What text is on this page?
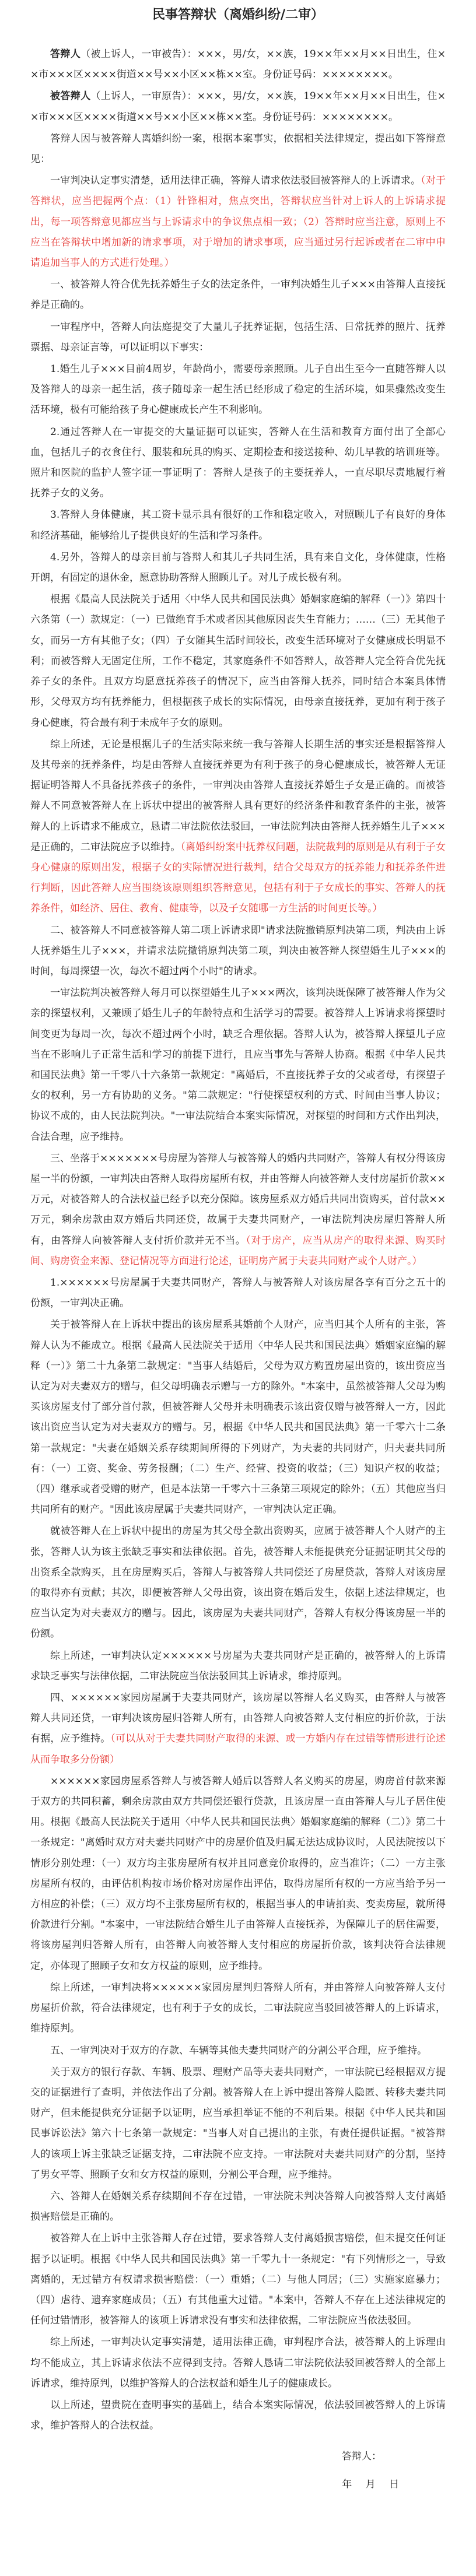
民事答辩状（离婚纠纷/二审）

答辩人（被上诉人，一审被告）：×××，男/女，××族，19××年××月××日出生，住××市×××区××××街道××号××小区××栋××室。身份证号码：××××××××。

被答辩人（上诉人，一审原告）：×××，男/女，××族，19××年××月××日出生，住××市×××区××××街道××号××小区××栋××室。身份证号码：××××××××。

答辩人因与被答辩人离婚纠纷一案，根据本案事实，依据相关法律规定，提出如下答辩意见：

一审判决认定事实清楚，适用法律正确，答辩人请求依法驳回被答辩人的上诉请求。（对于答辩状，应当把握两个点：（1）针锋相对，焦点突出，答辩状应当针对上诉人的上诉请求提出，每一项答辩意见都应当与上诉请求中的争议焦点相一致；（2）答辩时应当注意，原则上不应当在答辩状中增加新的请求事项，对于增加的请求事项，应当通过另行起诉或者在二审中申请追加当事人的方式进行处理。）

一、被答辩人符合优先抚养婚生子女的法定条件，一审判决婚生儿子×××由答辩人直接抚养是正确的。

一审程序中，答辩人向法庭提交了大量儿子抚养证据，包括生活、日常抚养的照片、抚养票据、母亲证言等，可以证明以下事实：

1.婚生儿子×××目前4周岁，年龄尚小，需要母亲照顾。儿子自出生至今一直随答辩人以及答辩人的母亲一起生活，孩子随母亲一起生活已经形成了稳定的生活环境，如果骤然改变生活环境，极有可能给孩子身心健康成长产生不利影响。

2.通过答辩人在一审提交的大量证据可以证实，答辩人在生活和教育方面付出了全部心血，包括儿子的衣食住行、服装和玩具的购买、定期检查和接送接种、幼儿早教的培训班等。照片和医院的监护人签字证一事证明了：答辩人是孩子的主要抚养人，一直尽职尽责地履行着抚养子女的义务。

3.答辩人身体健康，其工资卡显示具有很好的工作和稳定收入，对照顾儿子有良好的身体和经济基础，能够给儿子提供良好的生活和学习条件。

4.另外，答辩人的母亲目前与答辩人和其儿子共同生活，具有来自文化，身体健康，性格开朗，有固定的退休金，愿意协助答辩人照顾儿子。对儿子成长极有利。

根据《最高人民法院关于适用〈中华人民共和国民法典〉婚姻家庭编的解释（一）》第四十六条第（一）款规定：（一）已做绝育手术或者因其他原因丧失生育能力；……（三）无其他子女，而另一方有其他子女；（四）子女随其生活时间较长，改变生活环境对子女健康成长明显不利；而被答辩人无固定住所，工作不稳定，其家庭条件不如答辩人，故答辩人完全符合优先抚养子女的条件。且双方均愿意抚养孩子的情况下，应当由答辩人抚养，同时结合本案具体情形，父母双方均有抚养能力，但根据孩子成长的实际情况，由母亲直接抚养，更加有利于孩子身心健康，符合最有利于未成年子女的原则。

综上所述，无论是根据儿子的生活实际来统一我与答辩人长期生活的事实还是根据答辩人及其母亲的抚养条件，均是由答辩人直接抚养更为有利于孩子的身心健康成长，被答辩人无证据证明答辩人不具备抚养孩子的条件，一审判决由答辩人直接抚养婚生子女是正确的。而被答辩人不同意被答辩人在上诉状中提出的被答辩人具有更好的经济条件和教育条件的主张，被答辩人的上诉请求不能成立，恳请二审法院依法驳回，一审法院判决由答辩人抚养婚生儿子×××是正确的，二审法院应予以维持。（离婚纠纷案中抚养权问题，法院裁判的原则是从有利于子女身心健康的原则出发，根据子女的实际情况进行裁判，结合父母双方的抚养能力和抚养条件进行判断，因此答辩人应当围绕该原则组织答辩意见，包括有利于子女成长的事实、答辩人的抚养条件，如经济、居住、教育、健康等，以及子女随哪一方生活的时间更长等。）

二、被答辩人不同意被答辩人第二项上诉请求即"请求法院撤销原判决第二项，判决由上诉人抚养婚生儿子×××，并请求法院撤销原判决第二项，判决由被答辩人探望婚生儿子×××的时间，每周探望一次，每次不超过两个小时"的请求。

一审法院判决被答辩人每月可以探望婚生儿子×××两次，该判决既保障了被答辩人作为父亲的探望权利，又兼顾了婚生儿子的年龄特点和生活学习的需要。被答辩人上诉请求将探望时间变更为每周一次，每次不超过两个小时，缺乏合理依据。答辩人认为，被答辩人探望儿子应当在不影响儿子正常生活和学习的前提下进行，且应当事先与答辩人协商。根据《中华人民共和国民法典》第一千零八十六条第一款规定："离婚后，不直接抚养子女的父或者母，有探望子女的权利，另一方有协助的义务。"第二款规定："行使探望权利的方式、时间由当事人协议；协议不成的，由人民法院判决。"一审法院结合本案实际情况，对探望的时间和方式作出判决，合法合理，应予维持。

三、坐落于×××××××号房屋为答辩人与被答辩人的婚内共同财产，答辩人有权分得该房屋一半的份额，一审判决由答辩人取得房屋所有权，并由答辩人向被答辩人支付房屋折价款××万元，对被答辩人的合法权益已经予以充分保障。该房屋系双方婚后共同出资购买，首付款××万元，剩余房款由双方婚后共同还贷，故属于夫妻共同财产，一审法院判决房屋归答辩人所有，由答辩人向被答辩人支付折价款并无不当。（对于房产，应当从房产的取得来源、购买时间、购房资金来源、登记情况等方面进行论述，证明房产属于夫妻共同财产或个人财产。）

1.××××××号房屋属于夫妻共同财产，答辩人与被答辩人对该房屋各享有百分之五十的份额，一审判决正确。

关于被答辩人在上诉状中提出的该房屋系其婚前个人财产，应当归其个人所有的主张，答辩人认为不能成立。根据《最高人民法院关于适用〈中华人民共和国民法典〉婚姻家庭编的解释（一）》第二十九条第二款规定："当事人结婚后，父母为双方购置房屋出资的，该出资应当认定为对夫妻双方的赠与，但父母明确表示赠与一方的除外。"本案中，虽然被答辩人父母为购买该房屋支付了部分首付款，但被答辩人父母并未明确表示该出资仅赠与被答辩人一方，因此该出资应当认定为对夫妻双方的赠与。另，根据《中华人民共和国民法典》第一千零六十二条第一款规定："夫妻在婚姻关系存续期间所得的下列财产，为夫妻的共同财产，归夫妻共同所有：（一）工资、奖金、劳务报酬；（二）生产、经营、投资的收益；（三）知识产权的收益；（四）继承或者受赠的财产，但是本法第一千零六十三条第三项规定的除外；（五）其他应当归共同所有的财产。"因此该房屋属于夫妻共同财产，一审判决认定正确。

就被答辩人在上诉状中提出的房屋为其父母全款出资购买，应属于被答辩人个人财产的主张，答辩人认为该主张缺乏事实和法律依据。首先，被答辩人未能提供充分证据证明其父母的出资系全款购买，且在房屋购买后，答辩人与被答辩人共同偿还了房屋贷款，答辩人对该房屋的取得亦有贡献；其次，即便被答辩人父母出资，该出资在婚后发生，依据上述法律规定，也应当认定为对夫妻双方的赠与。因此，该房屋为夫妻共同财产，答辩人有权分得该房屋一半的份额。

综上所述，一审判决认定××××××号房屋为夫妻共同财产是正确的，被答辩人的上诉请求缺乏事实与法律依据，二审法院应当依法驳回其上诉请求，维持原判。

四、××××××家园房屋属于夫妻共同财产，该房屋以答辩人名义购买，由答辩人与被答辩人共同还贷，一审判决该房屋归答辩人所有，由答辩人向被答辩人支付相应的折价款，于法有据，应予维持。（可以从对于夫妻共同财产取得的来源、或一方婚内存在过错等情形进行论述从而争取多分份额）

××××××家园房屋系答辩人与被答辩人婚后以答辩人名义购买的房屋，购房首付款来源于双方的共同积蓄，剩余房款由双方共同偿还银行贷款，且该房屋一直由答辩人与儿子居住使用。根据《最高人民法院关于适用〈中华人民共和国民法典〉婚姻家庭编的解释（二）》第二十一条规定："离婚时双方对夫妻共同财产中的房屋价值及归属无法达成协议时，人民法院按以下情形分别处理：（一）双方均主张房屋所有权并且同意竞价取得的，应当准许；（二）一方主张房屋所有权的，由评估机构按市场价格对房屋作出评估，取得房屋所有权的一方应当给予另一方相应的补偿；（三）双方均不主张房屋所有权的，根据当事人的申请拍卖、变卖房屋，就所得价款进行分割。"本案中，一审法院结合婚生儿子由答辩人直接抚养，为保障儿子的居住需要，将该房屋判归答辩人所有，由答辩人向被答辩人支付相应的房屋折价款，该判决符合法律规定，亦体现了照顾子女和女方权益的原则，应予维持。

综上所述，一审判决将××××××家园房屋判归答辩人所有，并由答辩人向被答辩人支付房屋折价款，符合法律规定，也有利于子女的成长，二审法院应当驳回被答辩人的上诉请求，维持原判。

五、一审判决对于双方的存款、车辆等其他夫妻共同财产的分割公平合理，应予维持。

关于双方的银行存款、车辆、股票、理财产品等夫妻共同财产，一审法院已经根据双方提交的证据进行了查明，并依法作出了分割。被答辩人在上诉中提出答辩人隐匿、转移夫妻共同财产，但未能提供充分证据予以证明，应当承担举证不能的不利后果。根据《中华人民共和国民事诉讼法》第六十七条第一款规定："当事人对自己提出的主张，有责任提供证据。"被答辩人的该项上诉主张缺乏证据支持，二审法院不应支持。一审法院对夫妻共同财产的分割，坚持了男女平等、照顾子女和女方权益的原则，分割公平合理，应予维持。

六、答辩人在婚姻关系存续期间不存在过错，一审法院未判决答辩人向被答辩人支付离婚损害赔偿是正确的。

被答辩人在上诉中主张答辩人存在过错，要求答辩人支付离婚损害赔偿，但未提交任何证据予以证明。根据《中华人民共和国民法典》第一千零九十一条规定："有下列情形之一，导致离婚的，无过错方有权请求损害赔偿：（一）重婚；（二）与他人同居；（三）实施家庭暴力；（四）虐待、遗弃家庭成员；（五）有其他重大过错。"本案中，答辩人不存在上述法律规定的任何过错情形，被答辩人的该项上诉请求没有事实和法律依据，二审法院应当依法驳回。

综上所述，一审判决认定事实清楚，适用法律正确，审判程序合法，被答辩人的上诉理由均不能成立，其上诉请求依法不应得到支持。答辩人恳请二审法院依法驳回被答辩人的全部上诉请求，维持原判，以维护答辩人的合法权益和婚生儿子的健康成长。

以上所述，望贵院在查明事实的基础上，结合本案实际情况，依法驳回被答辩人的上诉请求，维护答辩人的合法权益。

答辩人：
年 月 日
